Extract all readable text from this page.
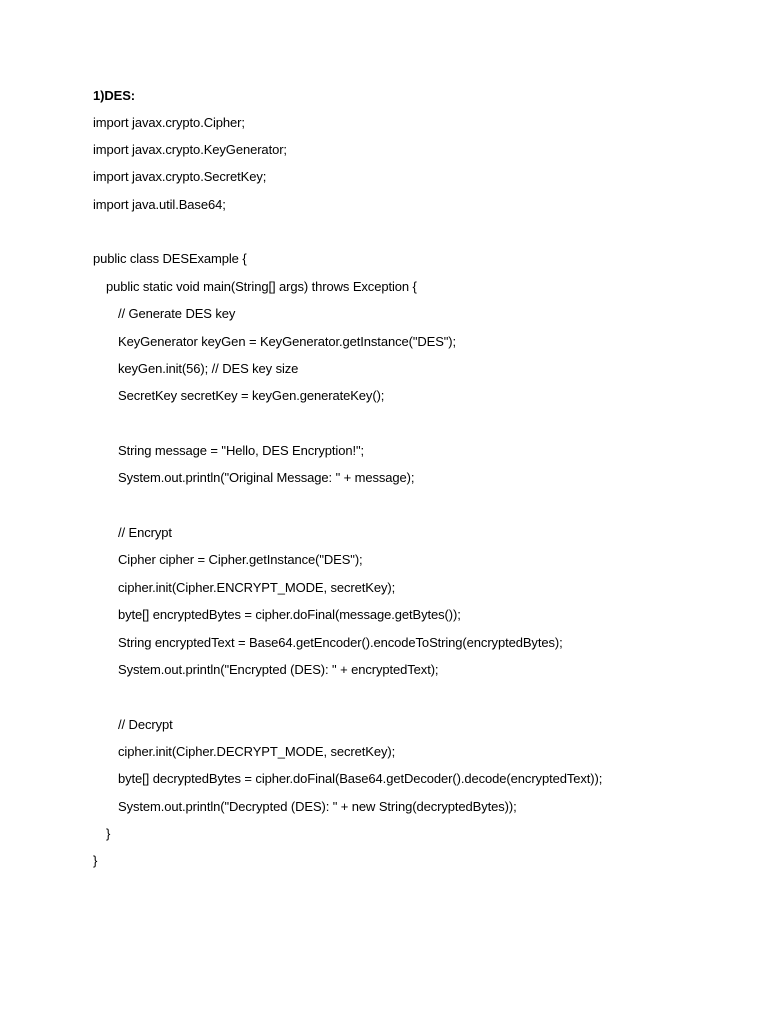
1)DES:
import javax.crypto.Cipher;
import javax.crypto.KeyGenerator;
import javax.crypto.SecretKey;
import java.util.Base64;
public class DESExample {
public static void main(String[] args) throws Exception {
// Generate DES key
KeyGenerator keyGen = KeyGenerator.getInstance("DES");
keyGen.init(56); // DES key size
SecretKey secretKey = keyGen.generateKey();
String message = "Hello, DES Encryption!";
System.out.println("Original Message: " + message);
// Encrypt
Cipher cipher = Cipher.getInstance("DES");
cipher.init(Cipher.ENCRYPT_MODE, secretKey);
byte[] encryptedBytes = cipher.doFinal(message.getBytes());
String encryptedText = Base64.getEncoder().encodeToString(encryptedBytes);
System.out.println("Encrypted (DES): " + encryptedText);
// Decrypt
cipher.init(Cipher.DECRYPT_MODE, secretKey);
byte[] decryptedBytes = cipher.doFinal(Base64.getDecoder().decode(encryptedText));
System.out.println("Decrypted (DES): " + new String(decryptedBytes));
}
}
